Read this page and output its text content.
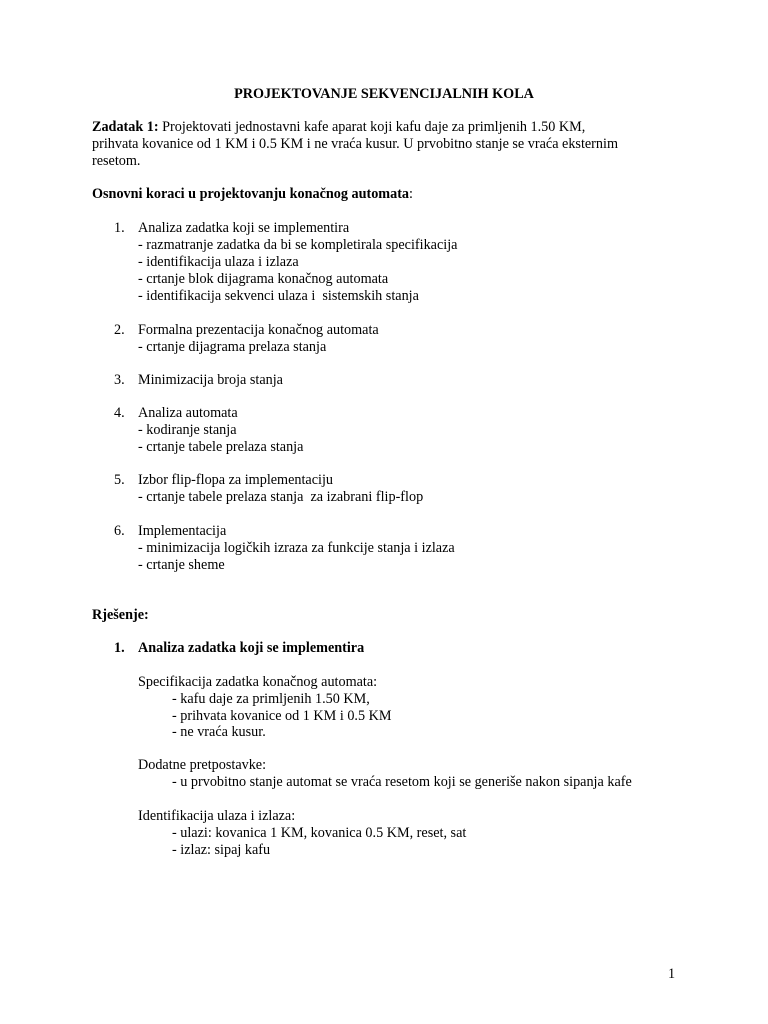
PROJEKTOVANJE SEKVENCIJALNIH KOLA
Zadatak 1: Projektovati jednostavni kafe aparat koji kafu daje za primljenih 1.50 KM,
prihvata kovanice od 1 KM i 0.5 KM i ne vraća kusur. U prvobitno stanje se vraća eksternim
resetom.
Osnovni koraci u projektovanju konačnog automata:
1. Analiza zadatka koji se implementira
- razmatranje zadatka da bi se kompletirala specifikacija
- identifikacija ulaza i izlaza
- crtanje blok dijagrama konačnog automata
- identifikacija sekvenci ulaza i  sistemskih stanja
2. Formalna prezentacija konačnog automata
- crtanje dijagrama prelaza stanja
3. Minimizacija broja stanja
4. Analiza automata
- kodiranje stanja
- crtanje tabele prelaza stanja
5. Izbor flip-flopa za implementaciju
- crtanje tabele prelaza stanja  za izabrani flip-flop
6. Implementacija
- minimizacija logičkih izraza za funkcije stanja i izlaza
- crtanje sheme
Rješenje:
1. Analiza zadatka koji se implementira
Specifikacija zadatka konačnog automata:
- kafu daje za primljenih 1.50 KM,
- prihvata kovanice od 1 KM i 0.5 KM
- ne vraća kusur.
Dodatne pretpostavke:
- u prvobitno stanje automat se vraća resetom koji se generiše nakon sipanja kafe
Identifikacija ulaza i izlaza:
- ulazi: kovanica 1 KM, kovanica 0.5 KM, reset, sat
- izlaz: sipaj kafu
1
